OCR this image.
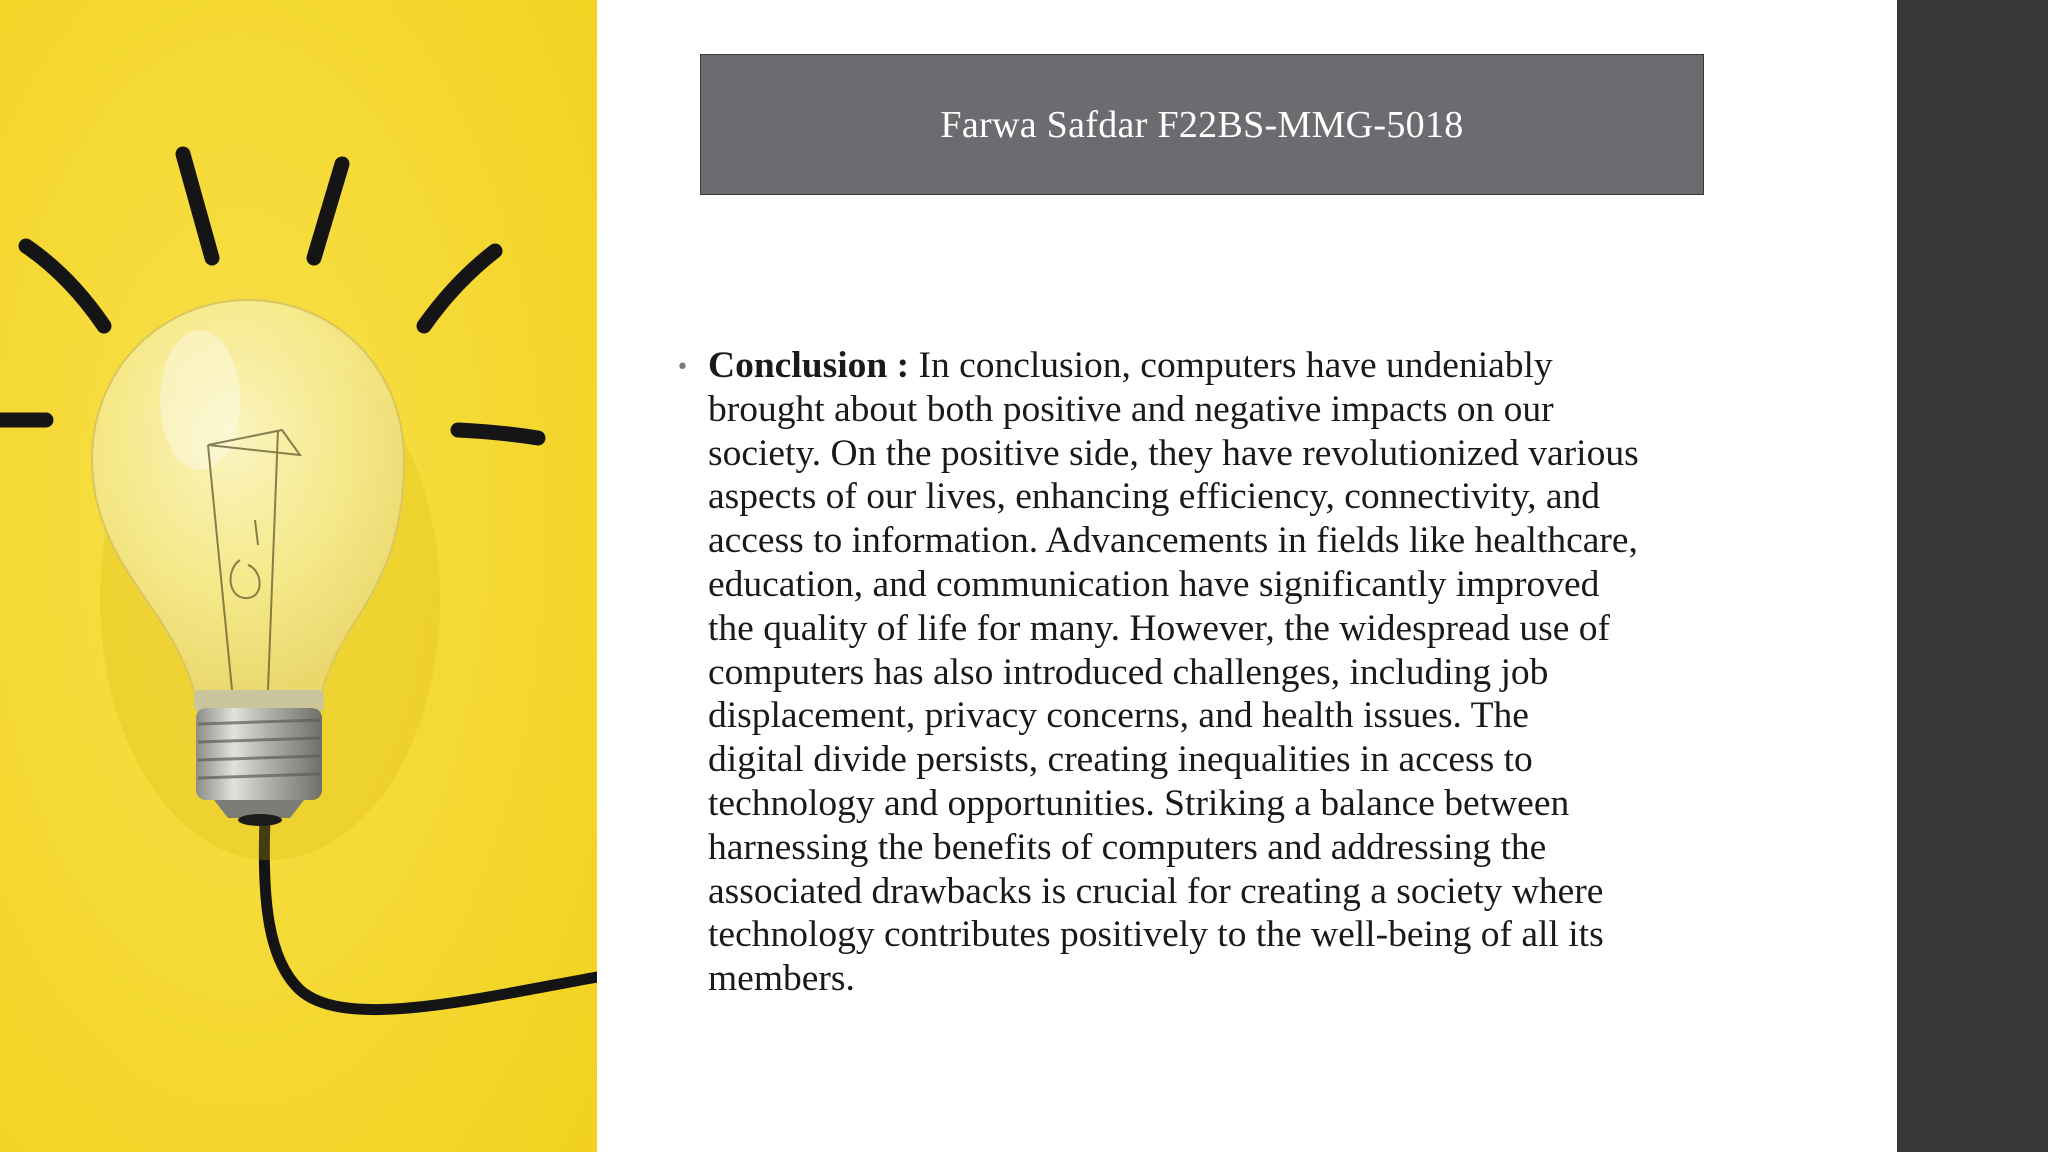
Farwa Safdar F22BS-MMG-5018
• Conclusion : In conclusion, computers have undeniably
brought about both positive and negative impacts on our
society. On the positive side, they have revolutionized various
aspects of our lives, enhancing efficiency, connectivity, and
access to information. Advancements in fields like healthcare,
education, and communication have significantly improved
the quality of life for many. However, the widespread use of
computers has also introduced challenges, including job
displacement, privacy concerns, and health issues. The
digital divide persists, creating inequalities in access to
technology and opportunities. Striking a balance between
harnessing the benefits of computers and addressing the
associated drawbacks is crucial for creating a society where
technology contributes positively to the well-being of all its
members.
